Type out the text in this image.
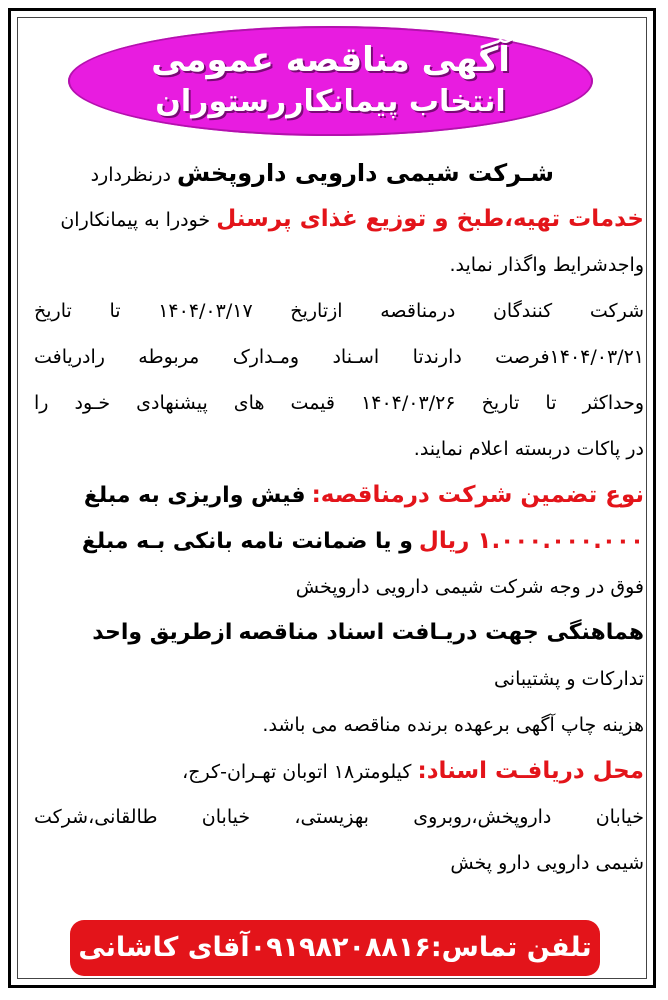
آگهی مناقصه عمومی
انتخاب پیمانکاررستوران
شـرکت شیمی دارویی داروپخش درنظردارد
خدمات تهیه،طبخ و توزیع غذای پرسنل خودرا به پیمانکاران
واجدشرایط واگذار نماید.
شرکت کنندگان درمناقصه ازتاریخ ۱۴۰۴/۰۳/۱۷ تا تاریخ
۱۴۰۴/۰۳/۲۱فرصت دارندتا اسـناد ومـدارک مربوطه رادریافت
وحداکثر تا تاریخ ۱۴۰۴/۰۳/۲۶ قیمت های پیشنهادی خـود را
در پاکات دربسته اعلام نمایند.
نوع تضمین شرکت درمناقصه: فیش واریزی به مبلغ
۱.۰۰۰.۰۰۰.۰۰۰ ریال و یا ضمانت نامه بانکی بـه مبلغ
فوق در وجه شرکت شیمی دارویی داروپخش
هماهنگی جهت دریـافت اسناد مناقصه ازطریق واحد
تدارکات و پشتیبانی
هزینه چاپ آگهی برعهده برنده مناقصه می باشد.
محل دریافـت اسناد: کیلومتر۱۸ اتوبان تهـران-کرج،
خیابان داروپخش،روبروی بهزیستی، خیابان طالقانی،شرکت
شیمی دارویی دارو پخش
تلفن تماس:۰۹۱۹۸۲۰۸۸۱۶آقای کاشانی
